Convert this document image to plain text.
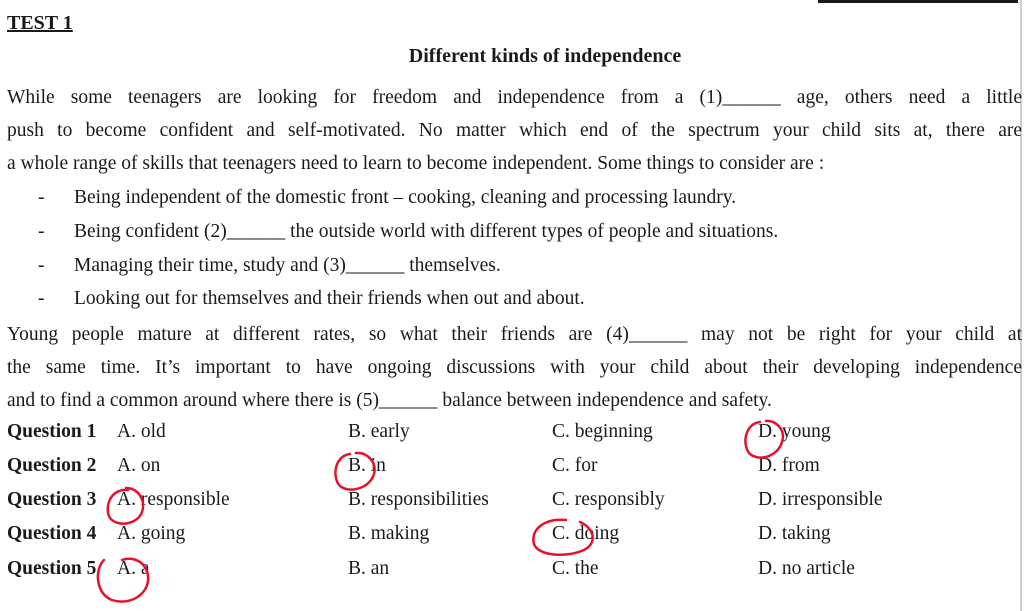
TEST 1
Different kinds of independence
While some teenagers are looking for freedom and independence from a (1)______ age, others need a little
push to become confident and self-motivated. No matter which end of the spectrum your child sits at, there are
a whole range of skills that teenagers need to learn to become independent. Some things to consider are :
- Being independent of the domestic front – cooking, cleaning and processing laundry.
- Being confident (2)______ the outside world with different types of people and situations.
- Managing their time, study and (3)______ themselves.
- Looking out for themselves and their friends when out and about.
Young people mature at different rates, so what their friends are (4)______ may not be right for your child at
the same time. It’s important to have ongoing discussions with your child about their developing independence
and to find a common around where there is (5)______ balance between independence and safety.
Question 1 A. old	B. early	C. beginning	D. young
Question 2 A. on	B. in	C. for	D. from
Question 3 A. responsible	B. responsibilities	C. responsibly	D. irresponsible
Question 4 A. going	B. making	C. doing	D. taking
Question 5 A. a	B. an	C. the	D. no article
